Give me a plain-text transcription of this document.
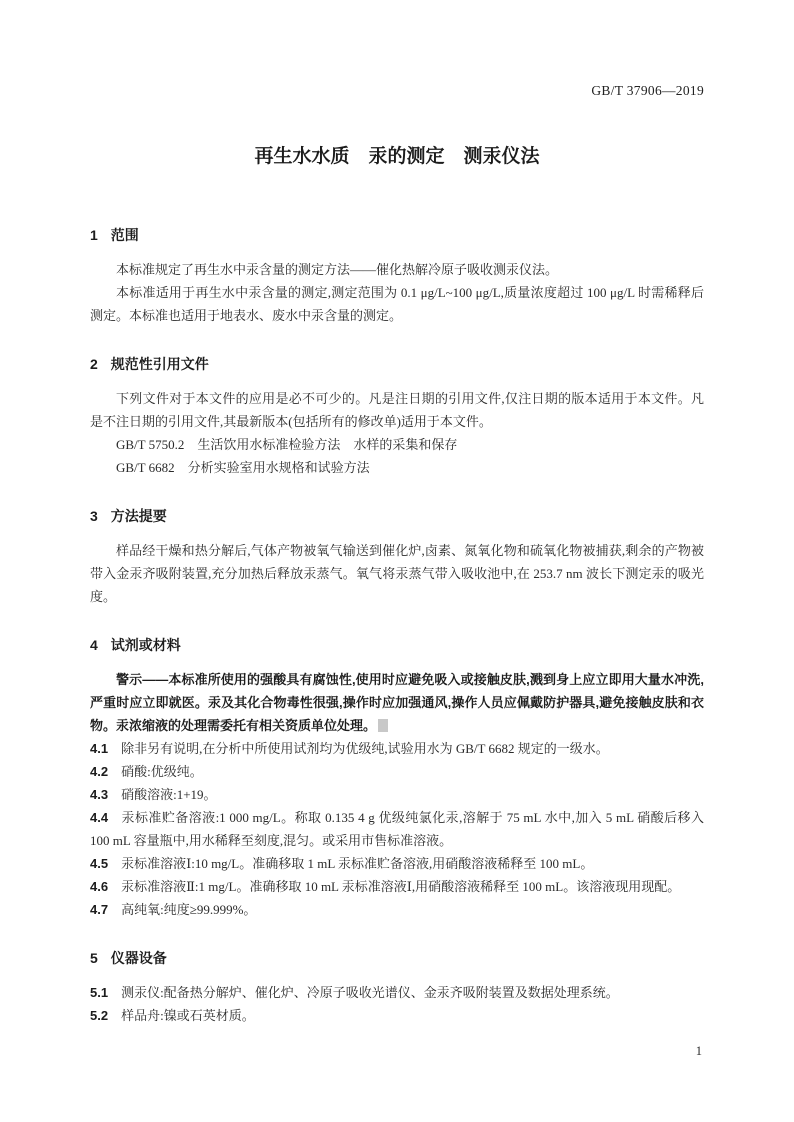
GB/T 37906—2019
再生水水质　汞的测定　测汞仪法
1 范围

本标准规定了再生水中汞含量的测定方法——催化热解冷原子吸收测汞仪法。

本标准适用于再生水中汞含量的测定,测定范围为 0.1 μg/L~100 μg/L,质量浓度超过 100 μg/L 时需稀释后测定。本标准也适用于地表水、废水中汞含量的测定。

2 规范性引用文件

下列文件对于本文件的应用是必不可少的。凡是注日期的引用文件,仅注日期的版本适用于本文件。凡是不注日期的引用文件,其最新版本(包括所有的修改单)适用于本文件。

GB/T 5750.2　生活饮用水标准检验方法　水样的采集和保存

GB/T 6682　分析实验室用水规格和试验方法

3 方法提要

样品经干燥和热分解后,气体产物被氧气输送到催化炉,卤素、氮氧化物和硫氧化物被捕获,剩余的产物被带入金汞齐吸附装置,充分加热后释放汞蒸气。氧气将汞蒸气带入吸收池中,在 253.7 nm 波长下测定汞的吸光度。

4 试剂或材料

警示——本标准所使用的强酸具有腐蚀性,使用时应避免吸入或接触皮肤,溅到身上应立即用大量水冲洗,严重时应立即就医。汞及其化合物毒性很强,操作时应加强通风,操作人员应佩戴防护器具,避免接触皮肤和衣物。汞浓缩液的处理需委托有相关资质单位处理。

4.1 除非另有说明,在分析中所使用试剂均为优级纯,试验用水为 GB/T 6682 规定的一级水。

4.2 硝酸:优级纯。

4.3 硝酸溶液:1+19。

4.4 汞标准贮备溶液:1 000 mg/L。称取 0.135 4 g 优级纯氯化汞,溶解于 75 mL 水中,加入 5 mL 硝酸后移入 100 mL 容量瓶中,用水稀释至刻度,混匀。或采用市售标准溶液。

4.5 汞标准溶液Ⅰ:10 mg/L。准确移取 1 mL 汞标准贮备溶液,用硝酸溶液稀释至 100 mL。

4.6 汞标准溶液Ⅱ:1 mg/L。准确移取 10 mL 汞标准溶液Ⅰ,用硝酸溶液稀释至 100 mL。该溶液现用现配。

4.7 高纯氧:纯度≥99.999%。

5 仪器设备

5.1 测汞仪:配备热分解炉、催化炉、冷原子吸收光谱仪、金汞齐吸附装置及数据处理系统。

5.2 样品舟:镍或石英材质。

1
